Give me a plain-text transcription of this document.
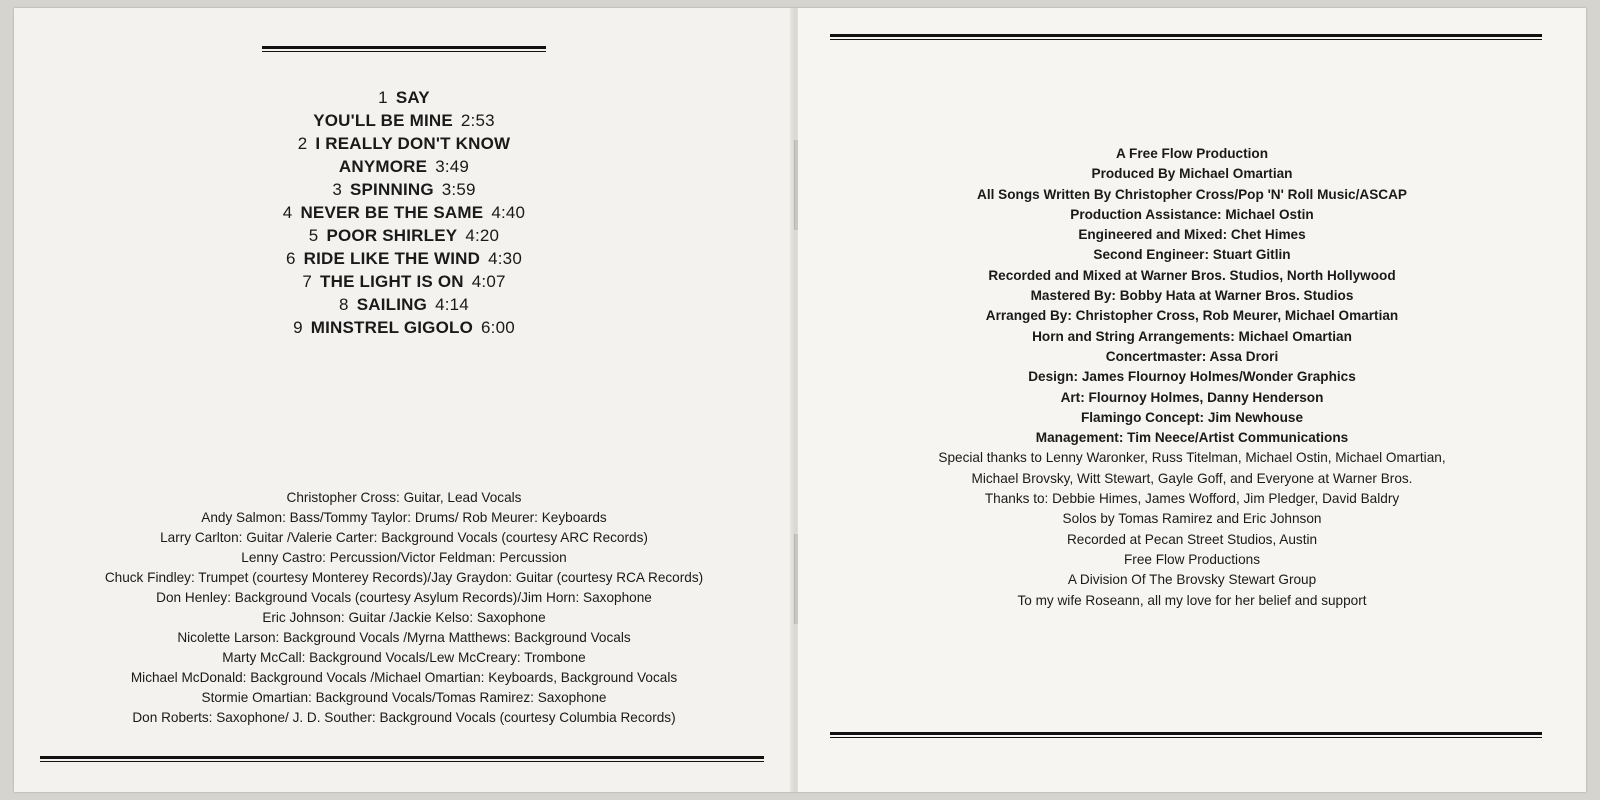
1 SAY
YOU'LL BE MINE 2:53
2 I REALLY DON'T KNOW
ANYMORE 3:49
3 SPINNING 3:59
4 NEVER BE THE SAME 4:40
5 POOR SHIRLEY 4:20
6 RIDE LIKE THE WIND 4:30
7 THE LIGHT IS ON 4:07
8 SAILING 4:14
9 MINSTREL GIGOLO 6:00
Christopher Cross: Guitar, Lead Vocals
Andy Salmon: Bass/Tommy Taylor: Drums/ Rob Meurer: Keyboards
Larry Carlton: Guitar /Valerie Carter: Background Vocals (courtesy ARC Records)
Lenny Castro: Percussion/Victor Feldman: Percussion
Chuck Findley: Trumpet (courtesy Monterey Records)/Jay Graydon: Guitar (courtesy RCA Records)
Don Henley: Background Vocals (courtesy Asylum Records)/Jim Horn: Saxophone
Eric Johnson: Guitar /Jackie Kelso: Saxophone
Nicolette Larson: Background Vocals /Myrna Matthews: Background Vocals
Marty McCall: Background Vocals/Lew McCreary: Trombone
Michael McDonald: Background Vocals /Michael Omartian: Keyboards, Background Vocals
Stormie Omartian: Background Vocals/Tomas Ramirez: Saxophone
Don Roberts: Saxophone/ J. D. Souther: Background Vocals (courtesy Columbia Records)
A Free Flow Production
Produced By Michael Omartian
All Songs Written By Christopher Cross/Pop 'N' Roll Music/ASCAP
Production Assistance: Michael Ostin
Engineered and Mixed: Chet Himes
Second Engineer: Stuart Gitlin
Recorded and Mixed at Warner Bros. Studios, North Hollywood
Mastered By: Bobby Hata at Warner Bros. Studios
Arranged By: Christopher Cross, Rob Meurer, Michael Omartian
Horn and String Arrangements: Michael Omartian
Concertmaster: Assa Drori
Design: James Flournoy Holmes/Wonder Graphics
Art: Flournoy Holmes, Danny Henderson
Flamingo Concept: Jim Newhouse
Management: Tim Neece/Artist Communications
Special thanks to Lenny Waronker, Russ Titelman, Michael Ostin, Michael Omartian,
Michael Brovsky, Witt Stewart, Gayle Goff, and Everyone at Warner Bros.
Thanks to: Debbie Himes, James Wofford, Jim Pledger, David Baldry
Solos by Tomas Ramirez and Eric Johnson
Recorded at Pecan Street Studios, Austin
Free Flow Productions
A Division Of The Brovsky Stewart Group
To my wife Roseann, all my love for her belief and support
